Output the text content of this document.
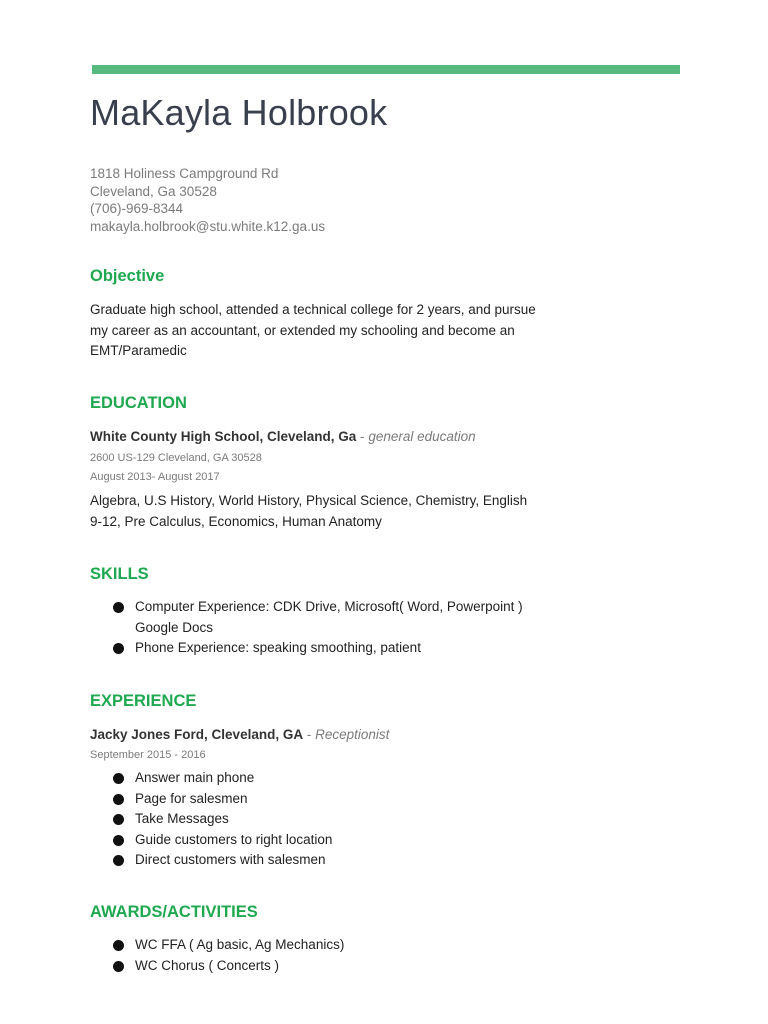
MaKayla Holbrook
1818 Holiness Campground Rd
Cleveland, Ga 30528
(706)-969-8344
makayla.holbrook@stu.white.k12.ga.us
Objective
Graduate high school, attended a technical college for 2 years, and pursue
my career as an accountant, or extended my schooling and become an
EMT/Paramedic
EDUCATION
White County High School, Cleveland, Ga - general education
2600 US-129 Cleveland, GA 30528
August 2013- August 2017
Algebra, U.S History, World History, Physical Science, Chemistry, English
9-12, Pre Calculus, Economics, Human Anatomy
SKILLS
Computer Experience: CDK Drive, Microsoft( Word, Powerpoint )
Google Docs
Phone Experience: speaking smoothing, patient
EXPERIENCE
Jacky Jones Ford, Cleveland, GA - Receptionist
September 2015 - 2016
Answer main phone
Page for salesmen
Take Messages
Guide customers to right location
Direct customers with salesmen
AWARDS/ACTIVITIES
WC FFA ( Ag basic, Ag Mechanics)
WC Chorus ( Concerts )
